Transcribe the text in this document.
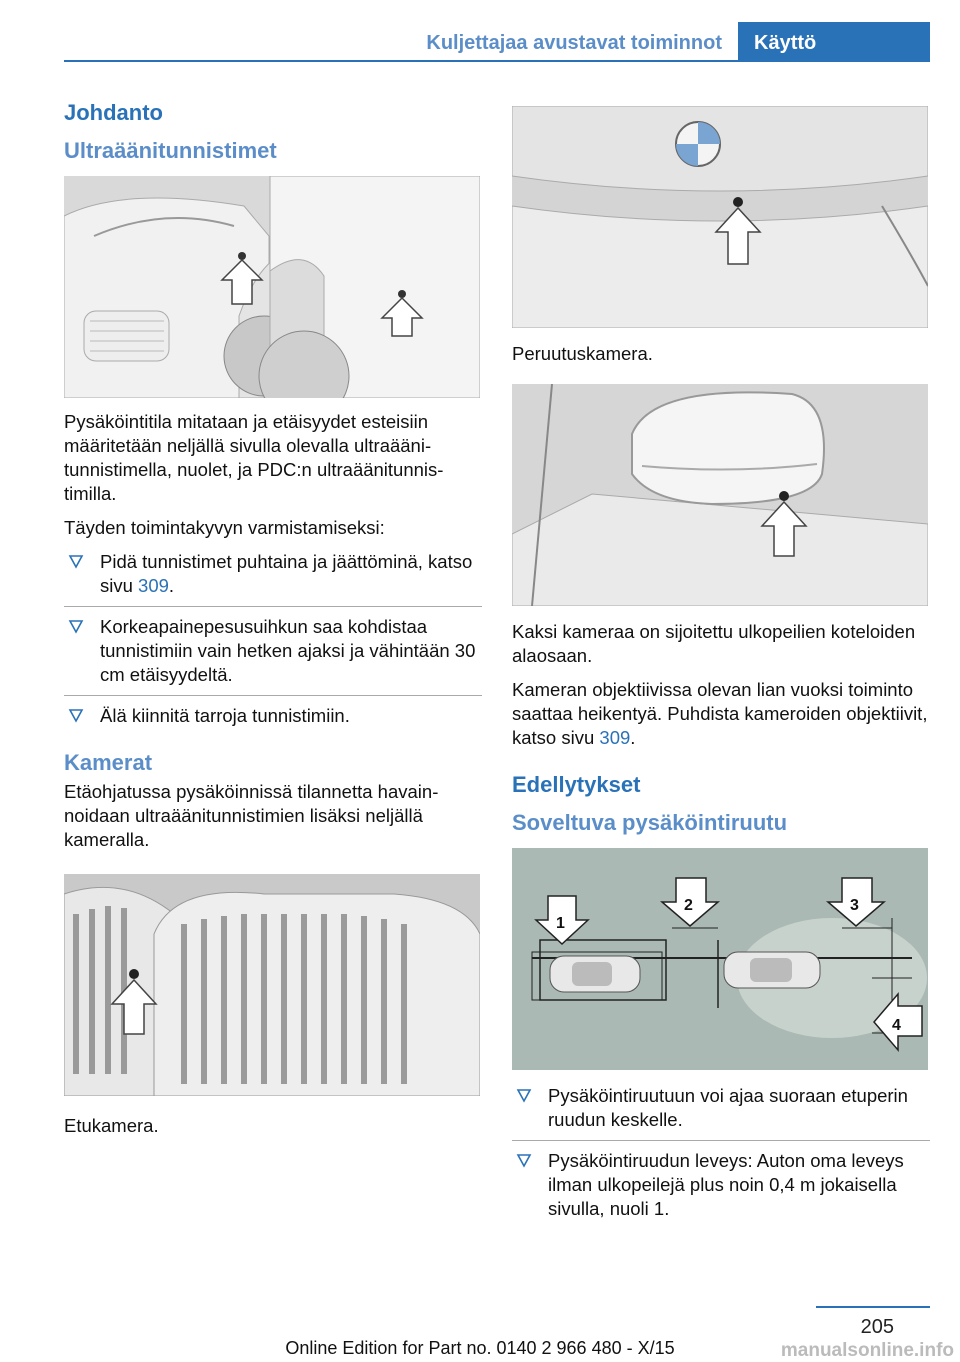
Kuljettajaa avustavat toiminnot	Käyttö
Johdanto
Ultraäänitunnistimet

Pysäköintitila mitataan ja etäisyydet esteisiin määritetään neljällä sivulla olevalla ultraäänitunnistimella, nuolet, ja PDC:n ultraäänitunnistimilla.

Täyden toimintakyvyn varmistamiseksi:

Pidä tunnistimet puhtaina ja jäättöminä, katso sivu 309.
Korkeapainepesusuihkun saa kohdistaa tunnistimiin vain hetken ajaksi ja vähintään 30 cm etäisyydeltä.
Älä kiinnitä tarroja tunnistimiin.
Kamerat

Etäohjatussa pysäköinnissä tilannetta havainnoidaan ultraäänitunnistimien lisäksi neljällä kameralla.

Etukamera.

Peruutuskamera.

Kaksi kameraa on sijoitettu ulkopeilien koteloiden alaosaan.

Kameran objektiivissa olevan lian vuoksi toiminto saattaa heikentyä. Puhdista kameroiden objektiivit, katso sivu 309.

Edellytykset
Soveltuva pysäköintiruutu
1
2	3
4
Pysäköintiruutuun voi ajaa suoraan etuperin ruudun keskelle.
Pysäköintiruudun leveys: Auton oma leveys ilman ulkopeilejä plus noin 0,4 m jokaisella sivulla, nuoli 1.
205
Online Edition for Part no. 0140 2 966 480 - X/15	manualsonline.info
